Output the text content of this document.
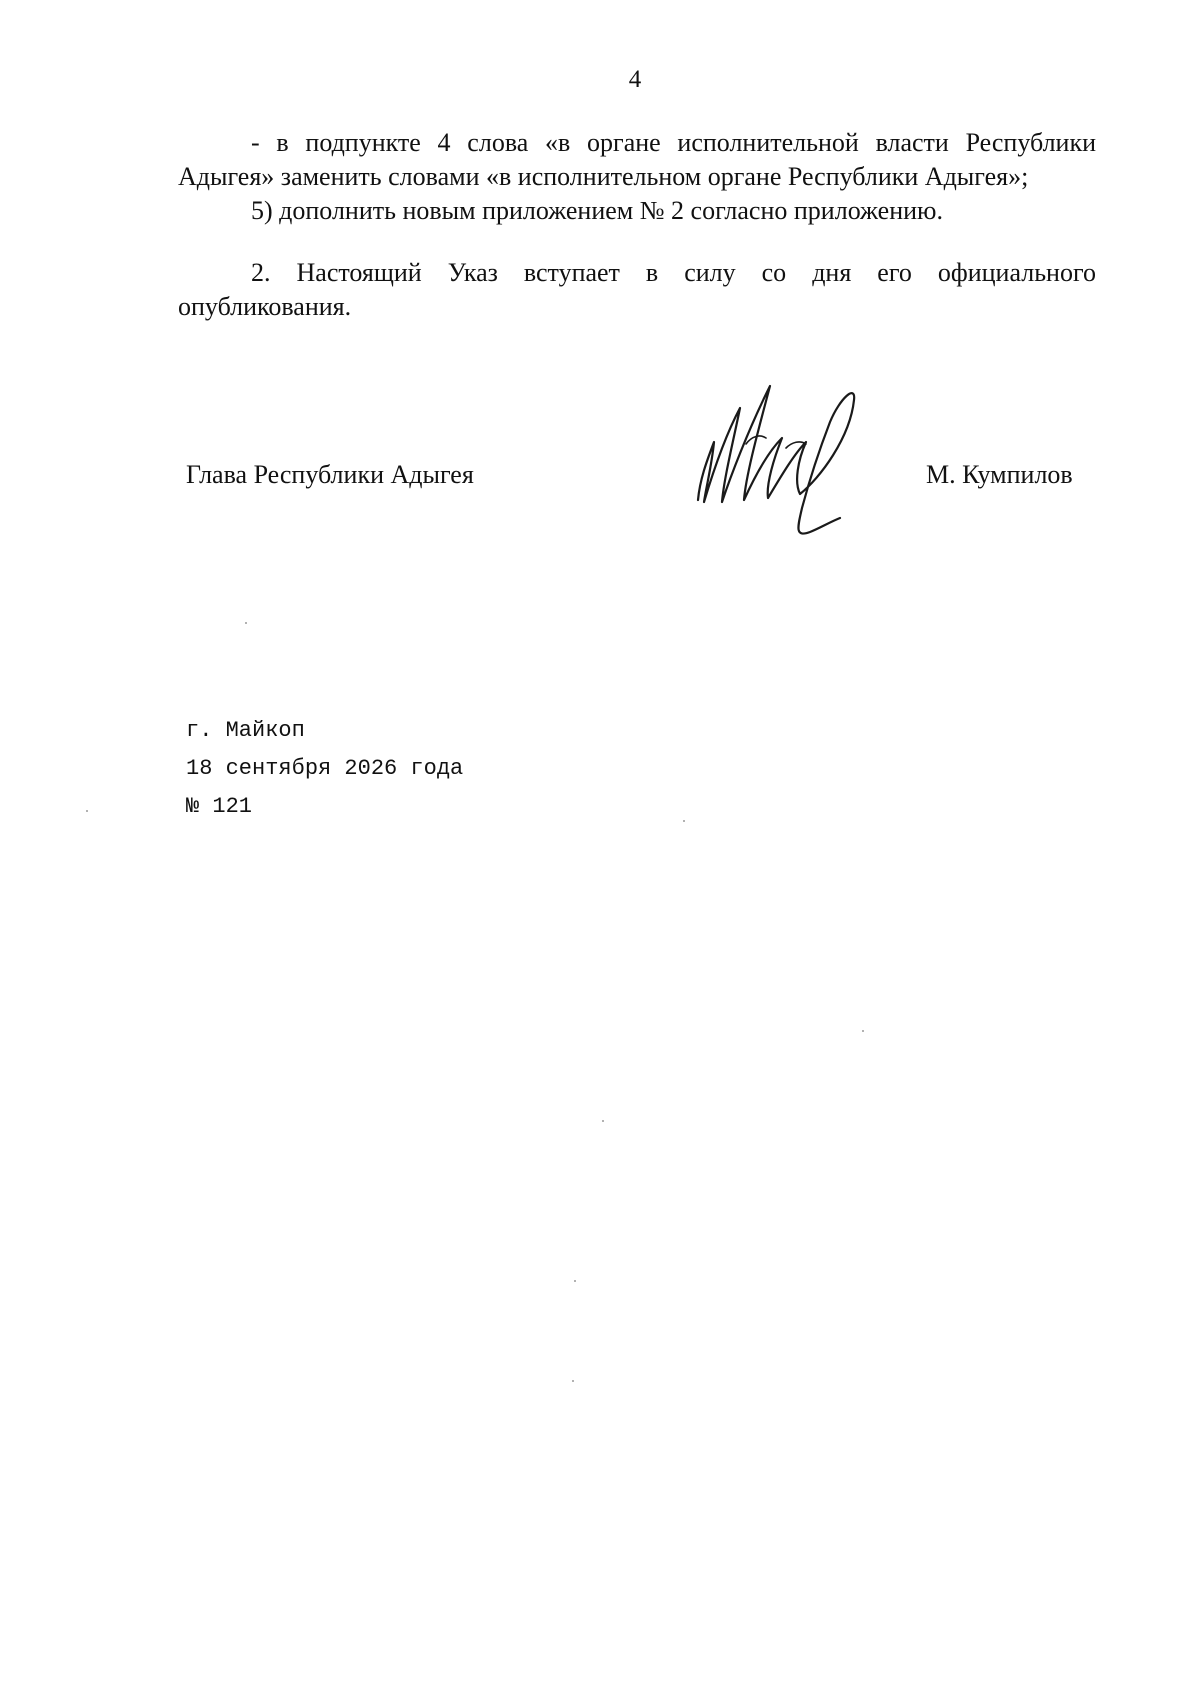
4

- в подпункте 4 слова «в органе исполнительной власти Республики Адыгея» заменить словами «в исполнительном органе Республики Адыгея»;

5) дополнить новым приложением № 2 согласно приложению.

2. Настоящий Указ вступает в силу со дня его официального опубликования.

Глава Республики Адыгея	М. Кумпилов
г. Майкоп
18 сентября 2026 года
№ 121
